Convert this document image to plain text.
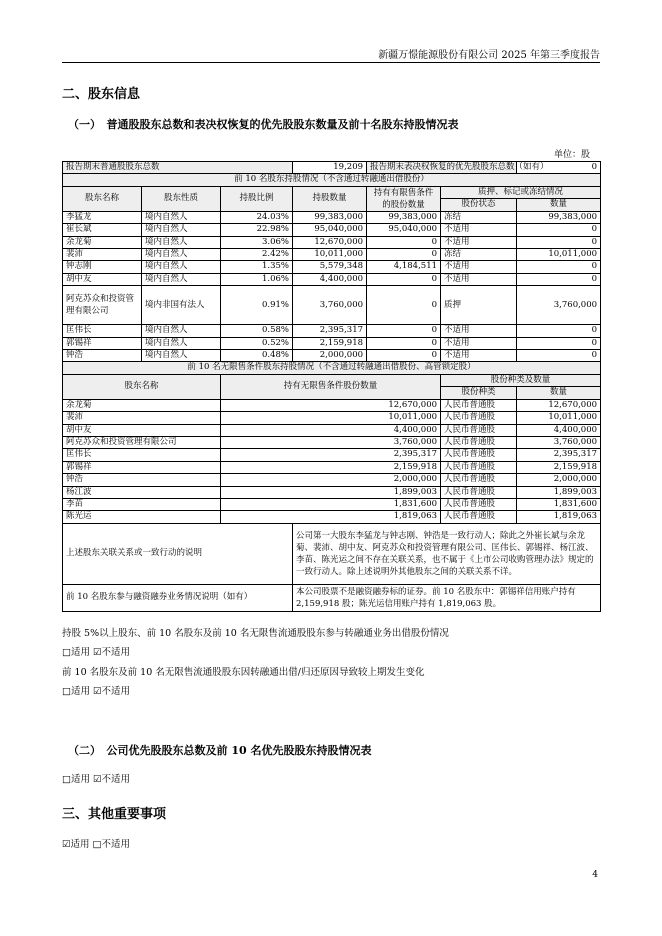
新疆万憬能源股份有限公司 2025 年第三季度报告
二、股东信息
（一）　普通股股东总数和表决权恢复的优先股股东数量及前十名股东持股情况表
单位：股
报告期末普通股股东总数			19,209	报告期末表决权恢复的优先股股东总数（如有）		0
前 10 名股东持股情况（不含通过转融通出借股份）						
股东名称	股东性质	持股比例	持股数量	持有有限售条件的股份数量	质押、标记或冻结情况	
					股份状态	数量
李猛龙	境内自然人	24.03%	99,383,000	99,383,000	冻结	99,383,000
崔长斌	境内自然人	22.98%	95,040,000	95,040,000	不适用	0
余龙菊	境内自然人	3.06%	12,670,000	0	不适用	0
裴沛	境内自然人	2.42%	10,011,000	0	冻结	10,011,000
钟志刚	境内自然人	1.35%	5,579,348	4,184,511	不适用	0
胡中友	境内自然人	1.06%	4,400,000	0	不适用	0
阿克苏众和投资管理有限公司	境内非国有法人	0.91%	3,760,000	0	质押	3,760,000
匡伟长	境内自然人	0.58%	2,395,317	0	不适用	0
郭锡祥	境内自然人	0.52%	2,159,918	0	不适用	0
钟浩	境内自然人	0.48%	2,000,000	0	不适用	0
前 10 名无限售条件股东持股情况（不含通过转融通出借股份、高管锁定股）						
股东名称		持有无限售条件股份数量			股份种类及数量	
					股份种类	数量
余龙菊		12,670,000			人民币普通股	12,670,000
裴沛		10,011,000			人民币普通股	10,011,000
胡中友		4,400,000			人民币普通股	4,400,000
阿克苏众和投资管理有限公司		3,760,000			人民币普通股	3,760,000
匡伟长		2,395,317			人民币普通股	2,395,317
郭锡祥		2,159,918			人民币普通股	2,159,918
钟浩		2,000,000			人民币普通股	2,000,000
杨江波		1,899,003			人民币普通股	1,899,003
李苗		1,831,600			人民币普通股	1,831,600
陈光运		1,819,063			人民币普通股	1,819,063
上述股东关联关系或一致行动的说明			公司第一大股东李猛龙与钟志刚、钟浩是一致行动人；除此之外崔长斌与余龙菊、裴沛、胡中友、阿克苏众和投资管理有限公司、匡伟长、郭锡祥、杨江波、李苗、陈光运之间不存在关联关系，也不属于《上市公司收购管理办法》规定的一致行动人。除上述说明外其他股东之间的关联关系不详。			
前 10 名股东参与融资融券业务情况说明（如有）			本公司股票不是融资融券标的证券。前 10 名股东中：郭锡祥信用账户持有 2,159,918 股；陈光运信用账户持有 1,819,063 股。			
持股 5%以上股东、前 10 名股东及前 10 名无限售流通股股东参与转融通业务出借股份情况
□适用 ☑不适用
前 10 名股东及前 10 名无限售流通股股东因转融通出借/归还原因导致较上期发生变化
□适用 ☑不适用
（二）　公司优先股股东总数及前 10 名优先股股东持股情况表
□适用 ☑不适用
三、其他重要事项
☑适用 □不适用
4
